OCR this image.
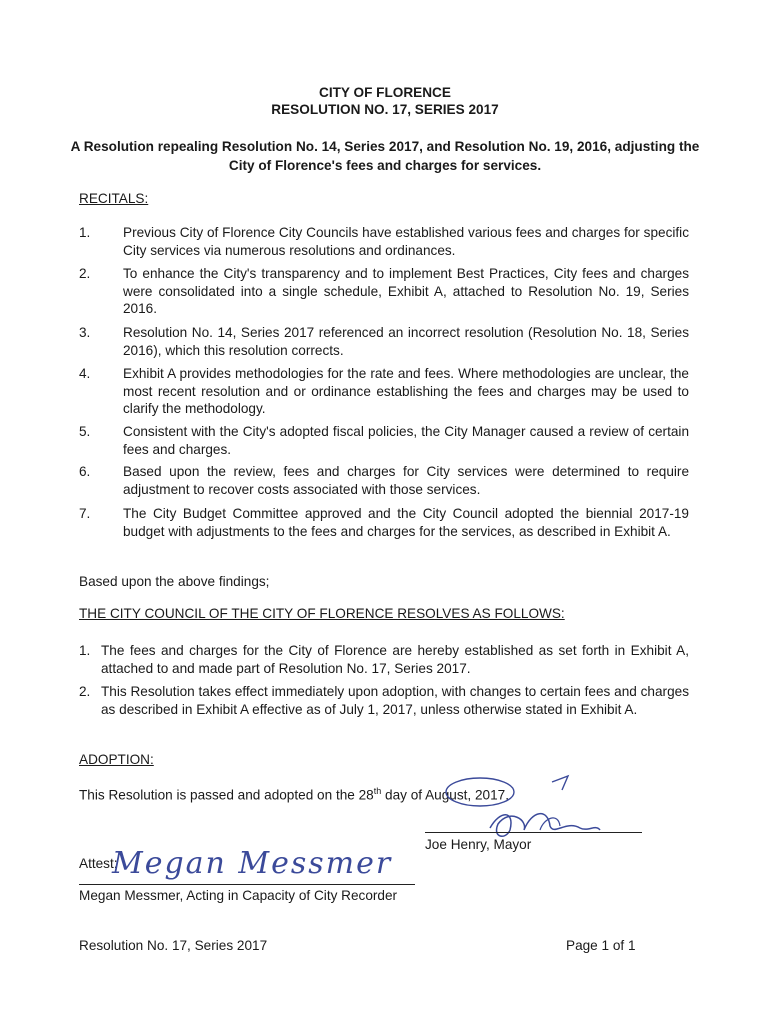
CITY OF FLORENCE
RESOLUTION NO. 17, SERIES 2017
A Resolution repealing Resolution No. 14, Series 2017, and Resolution No. 19, 2016, adjusting the City of Florence's fees and charges for services.
RECITALS:
1.	Previous City of Florence City Councils have established various fees and charges for specific City services via numerous resolutions and ordinances.
2.	To enhance the City's transparency and to implement Best Practices, City fees and charges were consolidated into a single schedule, Exhibit A, attached to Resolution No. 19, Series 2016.
3.	Resolution No. 14, Series 2017 referenced an incorrect resolution (Resolution No. 18, Series 2016), which this resolution corrects.
4.	Exhibit A provides methodologies for the rate and fees. Where methodologies are unclear, the most recent resolution and or ordinance establishing the fees and charges may be used to clarify the methodology.
5.	Consistent with the City's adopted fiscal policies, the City Manager caused a review of certain fees and charges.
6.	Based upon the review, fees and charges for City services were determined to require adjustment to recover costs associated with those services.
7.	The City Budget Committee approved and the City Council adopted the biennial 2017-19 budget with adjustments to the fees and charges for the services, as described in Exhibit A.
Based upon the above findings;
THE CITY COUNCIL OF THE CITY OF FLORENCE RESOLVES AS FOLLOWS:
1. The fees and charges for the City of Florence are hereby established as set forth in Exhibit A, attached to and made part of Resolution No. 17, Series 2017.
2. This Resolution takes effect immediately upon adoption, with changes to certain fees and charges as described in Exhibit A effective as of July 1, 2017, unless otherwise stated in Exhibit A.
ADOPTION:
This Resolution is passed and adopted on the 28th day of August, 2017.
Joe Henry, Mayor
Attest:
Megan Messmer
Megan Messmer, Acting in Capacity of City Recorder
Resolution No. 17, Series 2017	Page 1 of 1
